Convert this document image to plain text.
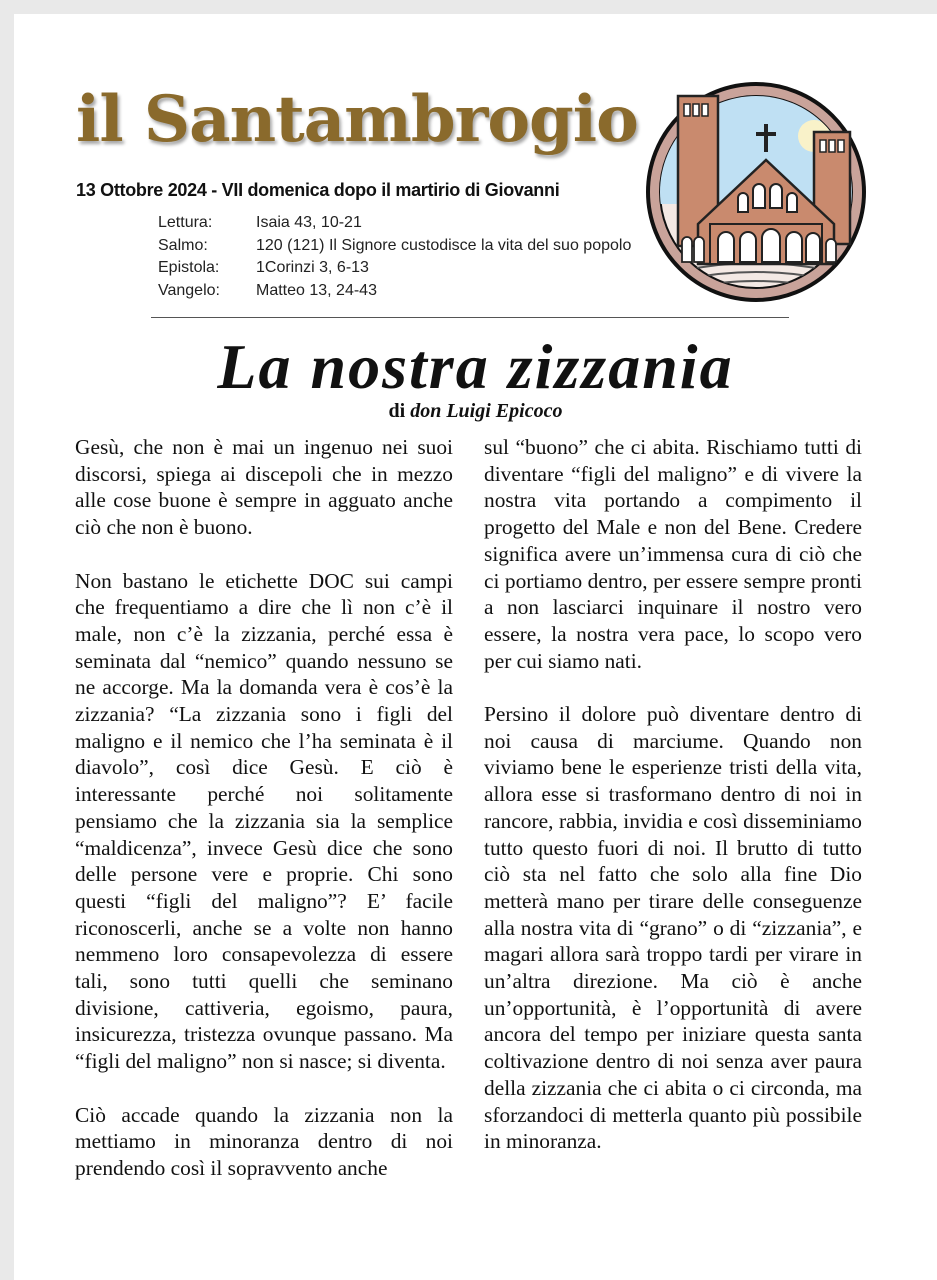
il Santambrogio
13 Ottobre 2024 - VII domenica dopo il martirio di Giovanni
Lettura:	Isaia 43, 10-21
Salmo:	120 (121) Il Signore custodisce la vita del suo popolo
Epistola:	1Corinzi 3, 6-13
Vangelo:	Matteo 13, 24-43
La nostra zizzania
di don Luigi Epicoco

Gesù, che non è mai un ingenuo nei suoi discorsi, spiega ai discepoli che in mezzo alle cose buone è sempre in agguato anche ciò che non è buono.

Non bastano le etichette DOC sui campi che frequentiamo a dire che lì non c’è il male, non c’è la zizzania, perché essa è seminata dal “nemico” quando nessuno se ne accorge. Ma la domanda vera è cos’è la zizzania? “La zizzania sono i figli del maligno e il nemico che l’ha seminata è il diavolo”, così dice Gesù. E ciò è interessante perché noi solitamente pensiamo che la zizzania sia la semplice “maldicenza”, invece Gesù dice che sono delle persone vere e proprie. Chi sono questi “figli del maligno”? E’ facile riconoscerli, anche se a volte non hanno nemmeno loro consapevolezza di essere tali, sono tutti quelli che seminano divisione, cattiveria, egoismo, paura, insicurezza, tristezza ovunque passano. Ma “figli del maligno” non si nasce; si diventa.

Ciò accade quando la zizzania non la mettiamo in minoranza dentro di noi prendendo così il sopravvento anche

sul “buono” che ci abita. Rischiamo tutti di diventare “figli del maligno” e di vivere la nostra vita portando a compimento il progetto del Male e non del Bene. Credere significa avere un’immensa cura di ciò che ci portiamo dentro, per essere sempre pronti a non lasciarci inquinare il nostro vero essere, la nostra vera pace, lo scopo vero per cui siamo nati.

Persino il dolore può diventare dentro di noi causa di marciume. Quando non viviamo bene le esperienze tristi della vita, allora esse si trasformano dentro di noi in rancore, rabbia, invidia e così disseminiamo tutto questo fuori di noi. Il brutto di tutto ciò sta nel fatto che solo alla fine Dio metterà mano per tirare delle conseguenze alla nostra vita di “grano” o di “zizzania”, e magari allora sarà troppo tardi per virare in un’altra direzione. Ma ciò è anche un’opportunità, è l’opportunità di avere ancora del tempo per iniziare questa santa coltivazione dentro di noi senza aver paura della zizzania che ci abita o ci circonda, ma sforzandoci di metterla quanto più possibile in minoranza.
